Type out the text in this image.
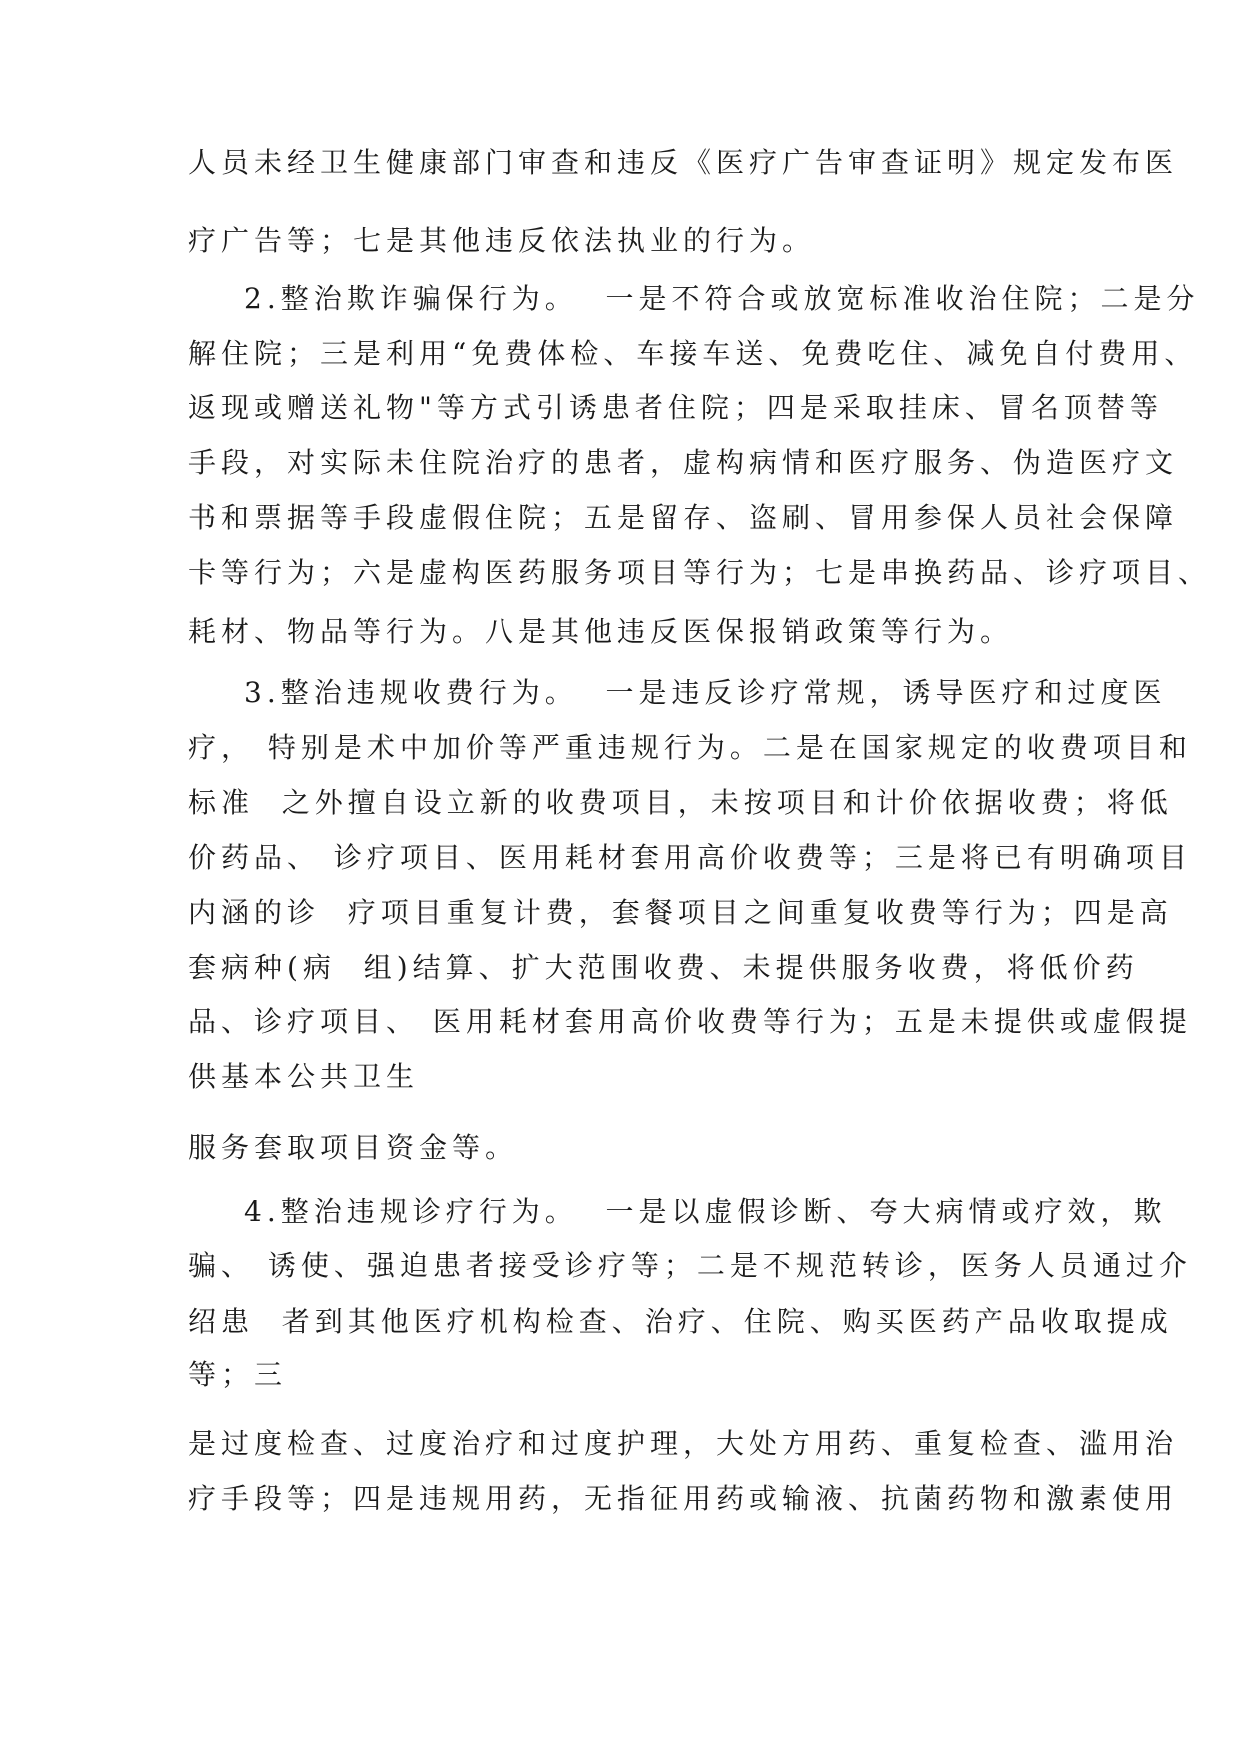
人员未经卫生健康部门审查和违反《医疗广告审查证明》规定发布医
疗广告等；七是其他违反依法执业的行为。
2.整治欺诈骗保行为。  一是不符合或放宽标准收治住院；二是分
解住院；三是利用“免费体检、车接车送、免费吃住、减免自付费用、
返现或赠送礼物"等方式引诱患者住院；四是采取挂床、冒名顶替等
手段，对实际未住院治疗的患者，虚构病情和医疗服务、伪造医疗文
书和票据等手段虚假住院；五是留存、盗刷、冒用参保人员社会保障
卡等行为；六是虚构医药服务项目等行为；七是串换药品、诊疗项目、
耗材、物品等行为。八是其他违反医保报销政策等行为。
3.整治违规收费行为。  一是违反诊疗常规，诱导医疗和过度医
疗， 特别是术中加价等严重违规行为。二是在国家规定的收费项目和
标准  之外擅自设立新的收费项目，未按项目和计价依据收费；将低
价药品、 诊疗项目、医用耗材套用高价收费等；三是将已有明确项目
内涵的诊  疗项目重复计费，套餐项目之间重复收费等行为；四是高
套病种(病  组)结算、扩大范围收费、未提供服务收费，将低价药
品、诊疗项目、 医用耗材套用高价收费等行为；五是未提供或虚假提
供基本公共卫生
服务套取项目资金等。
4.整治违规诊疗行为。  一是以虚假诊断、夸大病情或疗效，欺
骗、 诱使、强迫患者接受诊疗等；二是不规范转诊，医务人员通过介
绍患  者到其他医疗机构检查、治疗、住院、购买医药产品收取提成
等；三
是过度检查、过度治疗和过度护理，大处方用药、重复检查、滥用治
疗手段等；四是违规用药，无指征用药或输液、抗菌药物和激素使用
